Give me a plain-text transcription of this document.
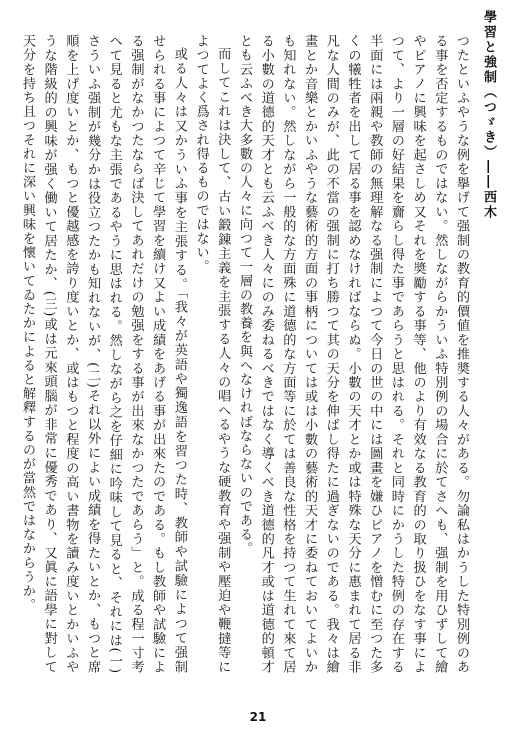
學習と強制（つゞき）――西木

つたといふやうな例を擧げて强制の教育的價値を推奬する人々がある。勿論私はかうした特別例のある事を否定するものではない。然しながらかういふ特別例の場合に於てさへも、强制を用ひずして繪やピアノに興味を起さしめ又それを奬勵する事等、他のより有效なる教育的の取り扱ひをなす事によつて、より一層の好結果を齎らし得た事であらうと思はれる。それと同時にかうした特例の存在する半面には兩親や教師の無理解なる强制によつて今日の世の中には圖畫を嫌ひピアノを憎むに至つた多くの犧牲者を出して居る事を認めなければならぬ。小數の天才とか或は特殊な天分に惠まれて居る非凡な人間のみが、此の不當の强制に打ち勝つて其の天分を伸ばし得たに過ぎないのである。我々は繪畫とか音樂とかいふやうな藝術的方面の事柄については或は小數の藝術的天才に委ねておいてよいかも知れない。然しながら一般的な方面殊に道德的な方面等に於ては善良な性格を持つて生れて來て居る小數の道德的天才とも云ふべき人々にのみ委ねるべきではなく導くべき道德的凡才或は道德的頓才とも云ふべき大多數の人々に向つて一層の教養を與へなければならないのである。

而してこれは決して、古い鍛錬主義を主張する人々の唱へるやうな硬教育や强制や壓迫や鞭撻等によつてよく爲され得るものではない。

或る人々は又かういふ事を主張する。「我々が英語や獨逸語を習つた時、教師や試驗によつて强制せられる事によつて辛じて學習を續け又よい成績をあげる事が出來たのである。もし教師や試驗による强制がなかつたならば決してあれだけの勉强をする事が出來なかつたであらう」と。成る程一寸考へて見ると尤もな主張であるやうに思はれる。然しながら之を仔細に吟味して見ると、それには(一)さういふ强制が幾分かは役立つたかも知れないが、(二)それ以外によい成績を得たいとか、もつと席順を上げ度いとか、もつと優越感を誇り度いとか、或はもつと程度の高い書物を讀み度いとかいふやうな階級的の興味が强く働いて居たか、(三)或は元來頭腦が非常に優秀であり、又眞に語學に對して天分を持ち且つそれに深い興味を懷いてゐたかによると解釋するのが當然ではなからうか。

21
